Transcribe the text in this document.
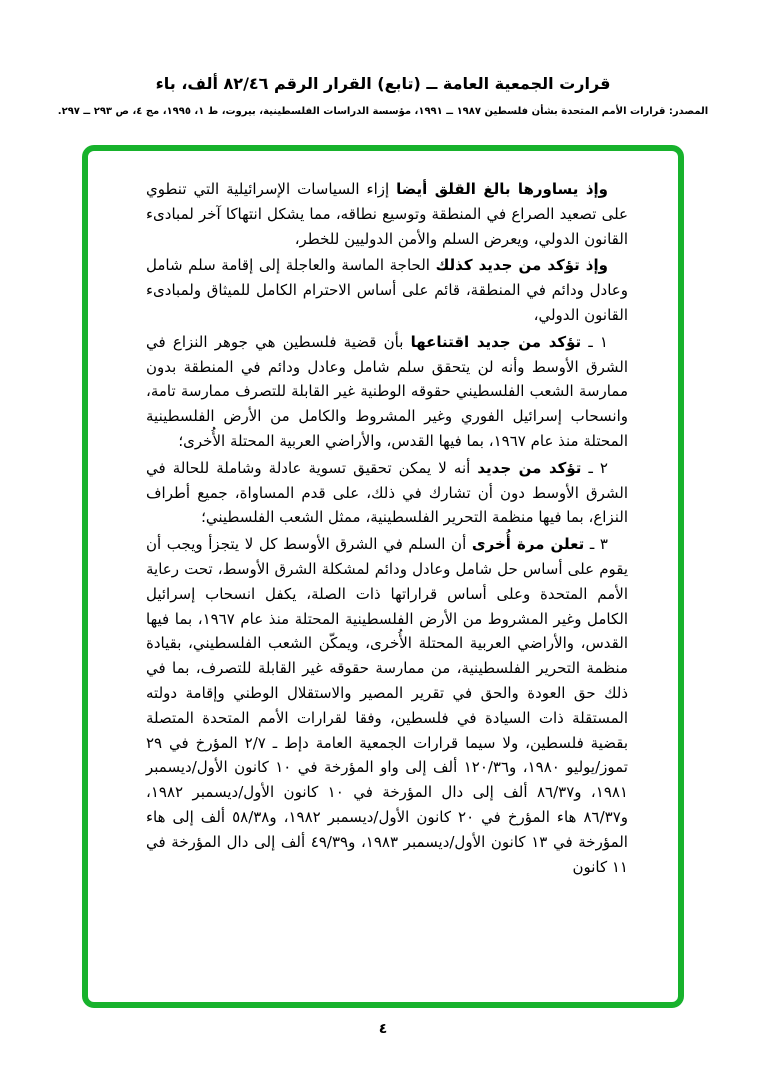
قرارت الجمعية العامة ــ (تابع) القرار الرقم ٨٢/٤٦ ألف، باء
المصدر: قرارات الأمم المتحدة بشأن فلسطين ١٩٨٧ ــ ١٩٩١، مؤسسة الدراسات الفلسطينية، بيروت، ط ١، ١٩٩٥، مج ٤، ص ٢٩٣ ــ ٢٩٧.

وإذ يساورها بالغ القلق أيضا إزاء السياسات الإسرائيلية التي تنطوي على تصعيد الصراع في المنطقة وتوسيع نطاقه، مما يشكل انتهاكا آخر لمبادىء القانون الدولي، ويعرض السلم والأمن الدوليين للخطر،

وإذ تؤكد من جديد كذلك الحاجة الماسة والعاجلة إلى إقامة سلم شامل وعادل ودائم في المنطقة، قائم على أساس الاحترام الكامل للميثاق ولمبادىء القانون الدولي،

١ ـ تؤكد من جديد اقتناعها بأن قضية فلسطين هي جوهر النزاع في الشرق الأوسط وأنه لن يتحقق سلم شامل وعادل ودائم في المنطقة بدون ممارسة الشعب الفلسطيني حقوقه الوطنية غير القابلة للتصرف ممارسة تامة، وانسحاب إسرائيل الفوري وغير المشروط والكامل من الأرض الفلسطينية المحتلة منذ عام ١٩٦٧، بما فيها القدس، والأراضي العربية المحتلة الأُخرى؛

٢ ـ تؤكد من جديد أنه لا يمكن تحقيق تسوية عادلة وشاملة للحالة في الشرق الأوسط دون أن تشارك في ذلك، على قدم المساواة، جميع أطراف النزاع، بما فيها منظمة التحرير الفلسطينية، ممثل الشعب الفلسطيني؛

٣ ـ تعلن مرة أُخرى أن السلم في الشرق الأوسط كل لا يتجزأ ويجب أن يقوم على أساس حل شامل وعادل ودائم لمشكلة الشرق الأوسط، تحت رعاية الأمم المتحدة وعلى أساس قراراتها ذات الصلة، يكفل انسحاب إسرائيل الكامل وغير المشروط من الأرض الفلسطينية المحتلة منذ عام ١٩٦٧، بما فيها القدس، والأراضي العربية المحتلة الأُخرى، ويمكّن الشعب الفلسطيني، بقيادة منظمة التحرير الفلسطينية، من ممارسة حقوقه غير القابلة للتصرف، بما في ذلك حق العودة والحق في تقرير المصير والاستقلال الوطني وإقامة دولته المستقلة ذات السيادة في فلسطين، وفقا لقرارات الأمم المتحدة المتصلة بقضية فلسطين، ولا سيما قرارات الجمعية العامة دإط ـ ٢/٧ المؤرخ في ٢٩ تموز/يوليو ١٩٨٠، و١٢٠/٣٦ ألف إلى واو المؤرخة في ١٠ كانون الأول/ديسمبر ١٩٨١، و٨٦/٣٧ ألف إلى دال المؤرخة في ١٠ كانون الأول/ديسمبر ١٩٨٢، و٨٦/٣٧ هاء المؤرخ في ٢٠ كانون الأول/ديسمبر ١٩٨٢، و٥٨/٣٨ ألف إلى هاء المؤرخة في ١٣ كانون الأول/ديسمبر ١٩٨٣، و٤٩/٣٩ ألف إلى دال المؤرخة في ١١ كانون

٤
